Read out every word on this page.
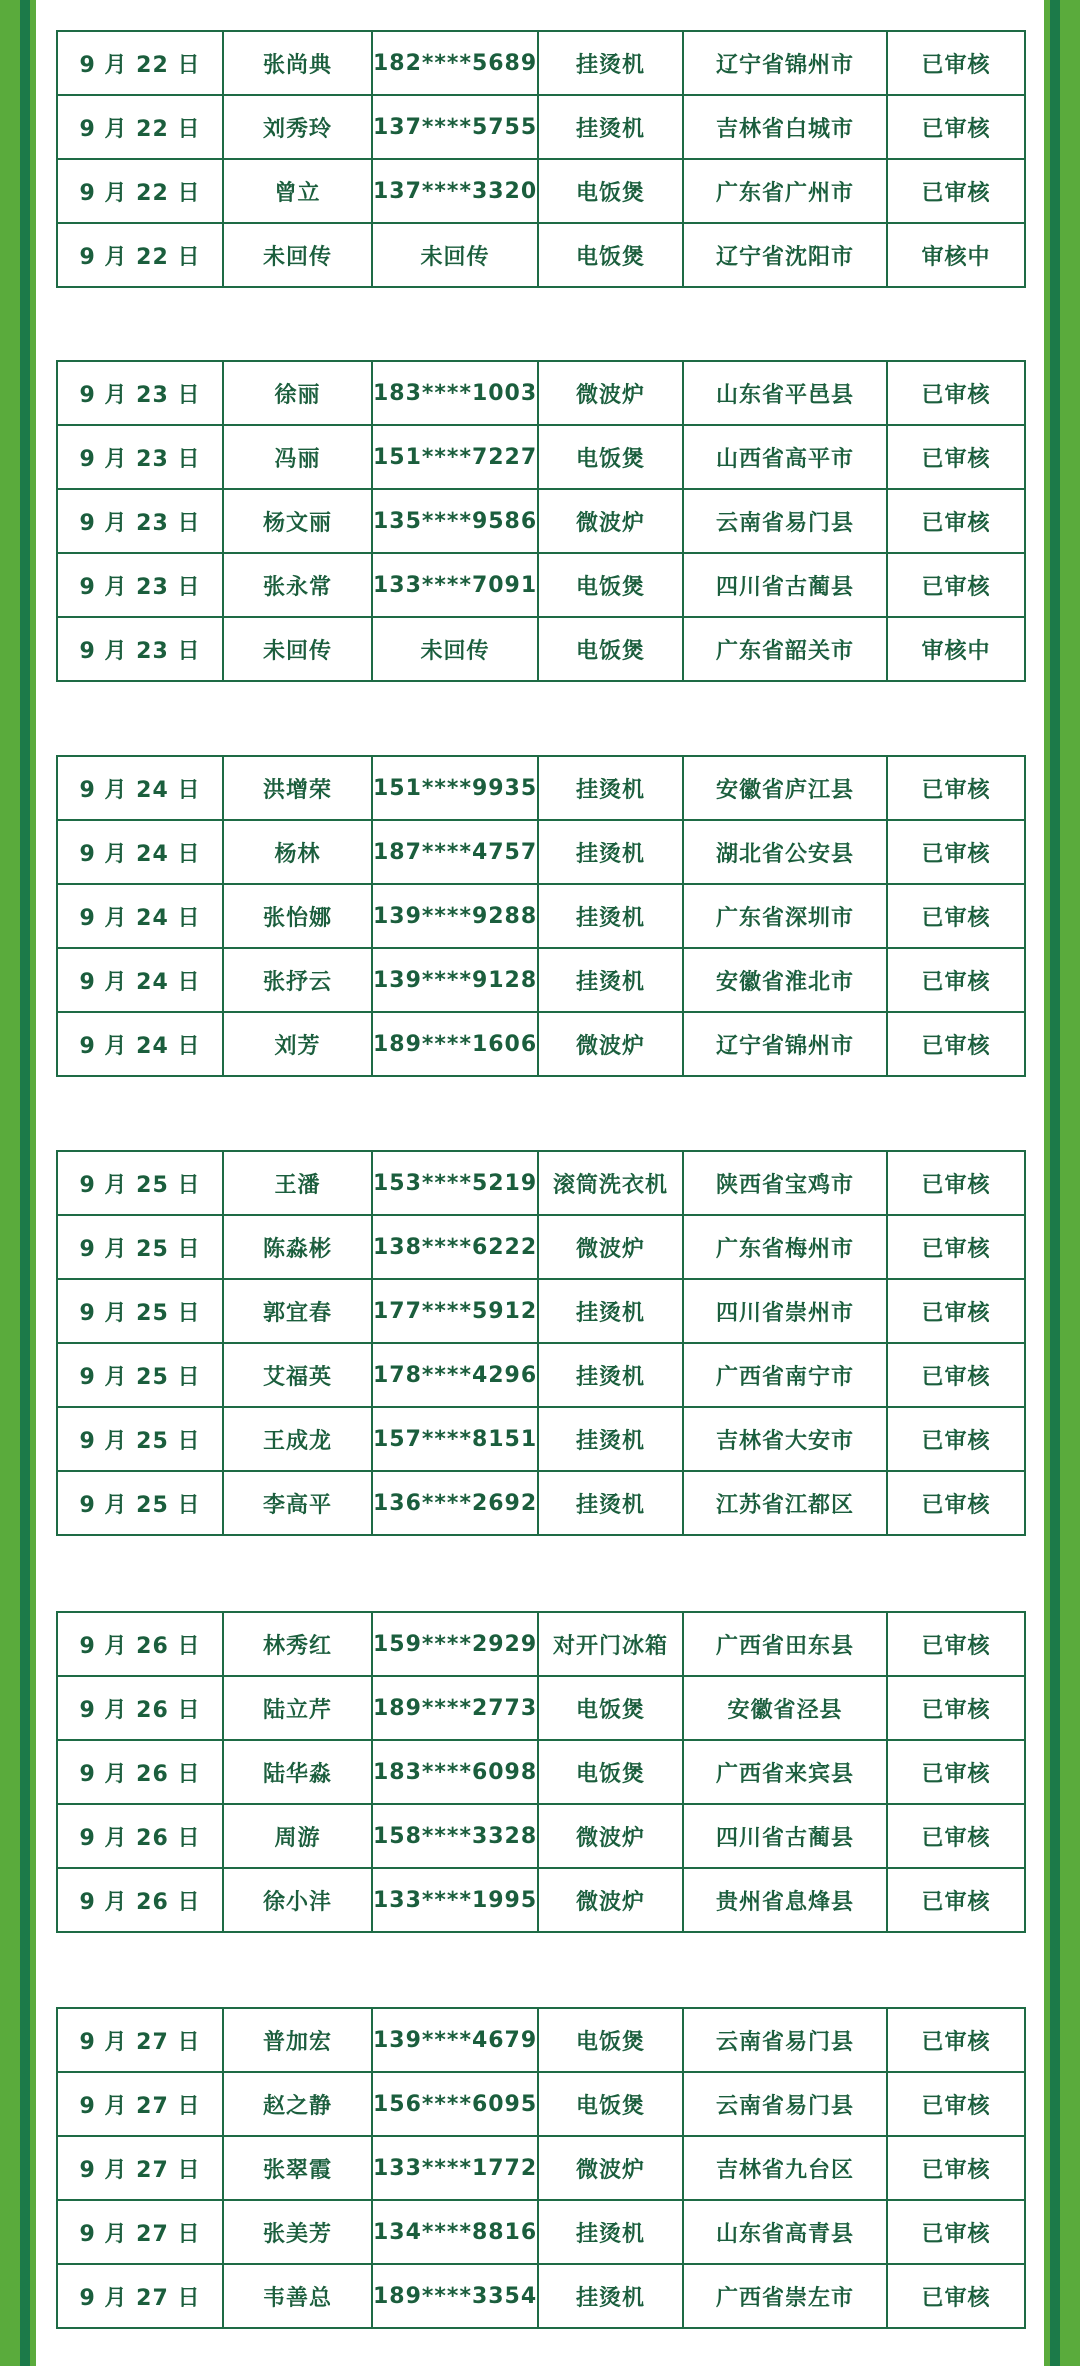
9 月 22 日	张尚典	182****5689	挂烫机	辽宁省锦州市	已审核
9 月 22 日	刘秀玲	137****5755	挂烫机	吉林省白城市	已审核
9 月 22 日	曾立	137****3320	电饭煲	广东省广州市	已审核
9 月 22 日	未回传	未回传	电饭煲	辽宁省沈阳市	审核中
9 月 23 日	徐丽	183****1003	微波炉	山东省平邑县	已审核
9 月 23 日	冯丽	151****7227	电饭煲	山西省高平市	已审核
9 月 23 日	杨文丽	135****9586	微波炉	云南省易门县	已审核
9 月 23 日	张永常	133****7091	电饭煲	四川省古蔺县	已审核
9 月 23 日	未回传	未回传	电饭煲	广东省韶关市	审核中
9 月 24 日	洪增荣	151****9935	挂烫机	安徽省庐江县	已审核
9 月 24 日	杨林	187****4757	挂烫机	湖北省公安县	已审核
9 月 24 日	张怡娜	139****9288	挂烫机	广东省深圳市	已审核
9 月 24 日	张抒云	139****9128	挂烫机	安徽省淮北市	已审核
9 月 24 日	刘芳	189****1606	微波炉	辽宁省锦州市	已审核
9 月 25 日	王潘	153****5219	滚筒洗衣机	陕西省宝鸡市	已审核
9 月 25 日	陈淼彬	138****6222	微波炉	广东省梅州市	已审核
9 月 25 日	郭宜春	177****5912	挂烫机	四川省崇州市	已审核
9 月 25 日	艾福英	178****4296	挂烫机	广西省南宁市	已审核
9 月 25 日	王成龙	157****8151	挂烫机	吉林省大安市	已审核
9 月 25 日	李高平	136****2692	挂烫机	江苏省江都区	已审核
9 月 26 日	林秀红	159****2929	对开门冰箱	广西省田东县	已审核
9 月 26 日	陆立芹	189****2773	电饭煲	安徽省泾县	已审核
9 月 26 日	陆华淼	183****6098	电饭煲	广西省来宾县	已审核
9 月 26 日	周游	158****3328	微波炉	四川省古蔺县	已审核
9 月 26 日	徐小沣	133****1995	微波炉	贵州省息烽县	已审核
9 月 27 日	普加宏	139****4679	电饭煲	云南省易门县	已审核
9 月 27 日	赵之静	156****6095	电饭煲	云南省易门县	已审核
9 月 27 日	张翠霞	133****1772	微波炉	吉林省九台区	已审核
9 月 27 日	张美芳	134****8816	挂烫机	山东省高青县	已审核
9 月 27 日	韦善总	189****3354	挂烫机	广西省崇左市	已审核
